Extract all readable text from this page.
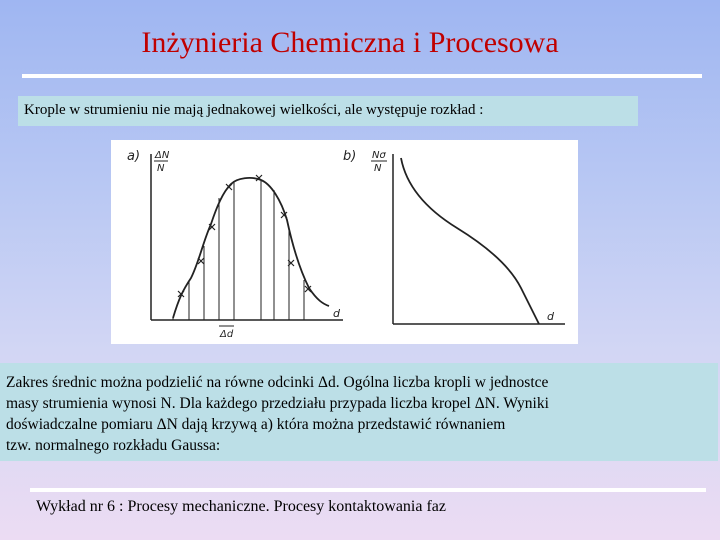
Inżynieria Chemiczna i Procesowa
Krople w strumieniu nie mają jednakowej wielkości, ale występuje rozkład :
a) ΔN
N
d
Δd
b) Nσ
N
d
Zakres średnic można podzielić na równe odcinki Δd. Ogólna liczba kropli w jednostce
masy strumienia wynosi N. Dla każdego przedziału przypada liczba kropel ΔN. Wyniki
doświadczalne pomiaru ΔN dają krzywą a) która można przedstawić równaniem
tzw. normalnego rozkładu Gaussa:
Wykład nr 6 : Procesy mechaniczne. Procesy kontaktowania faz
